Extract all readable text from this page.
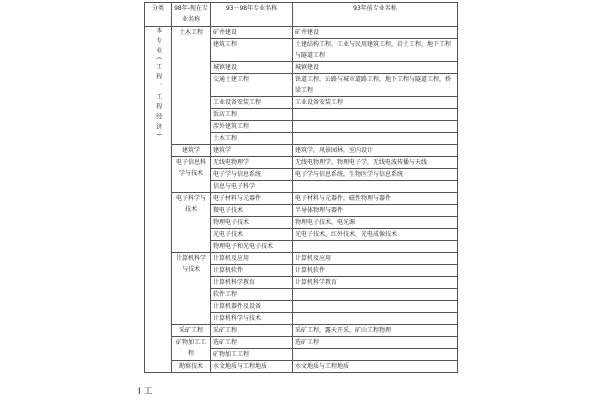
分类	98年-现在专业名称	93－98年专业名称	93年前专业名称
本专业(工程、工程经济)	土木工程	矿井建设	矿井建设
		建筑工程	土建结构工程，工业与民用建筑工程，岩土工程，地下工程与隧道工程
		城镇建设	城镇建设
		交通土建工程	铁道工程，公路与城市道路工程，地下工程与隧道工程，桥梁工程
		工业设备安装工程	工业设备安装工程
		饭店工程	
		涉外建筑工程	
		土木工程	
	建筑学	建筑学	建筑学，风景园林，室内设计
	电子信息科学与技术	无线电物理学	无线电物理学，物理电子学，无线电波传播与天线
		电子学与信息系统	电子学与信息系统，生物医学与信息系统
		信息与电子科学	
	电子科学与技术	电子材料与元器件	电子材料与元器件，磁性物理与器件
		微电子技术	半导体物理与器件
		物理电子技术	物理电子技术，电光源
		光电子技术	光电子技术，红外技术，光电成像技术
		物理电子和光电子技术	
	计算机科学与技术	计算机及应用	计算机及应用
		计算机软件	计算机软件
		计算机科学教育	计算机科学教育
		软件工程	
		计算机器件及设备	
		计算机科学与技术	
	采矿工程	采矿工程	采矿工程，露天开采，矿山工程物理
	矿物加工工程	选矿工程	选矿工程
		矿物加工工程	
	勘察技术	水文地质与工程地质	水文地质与工程地质
I 工
